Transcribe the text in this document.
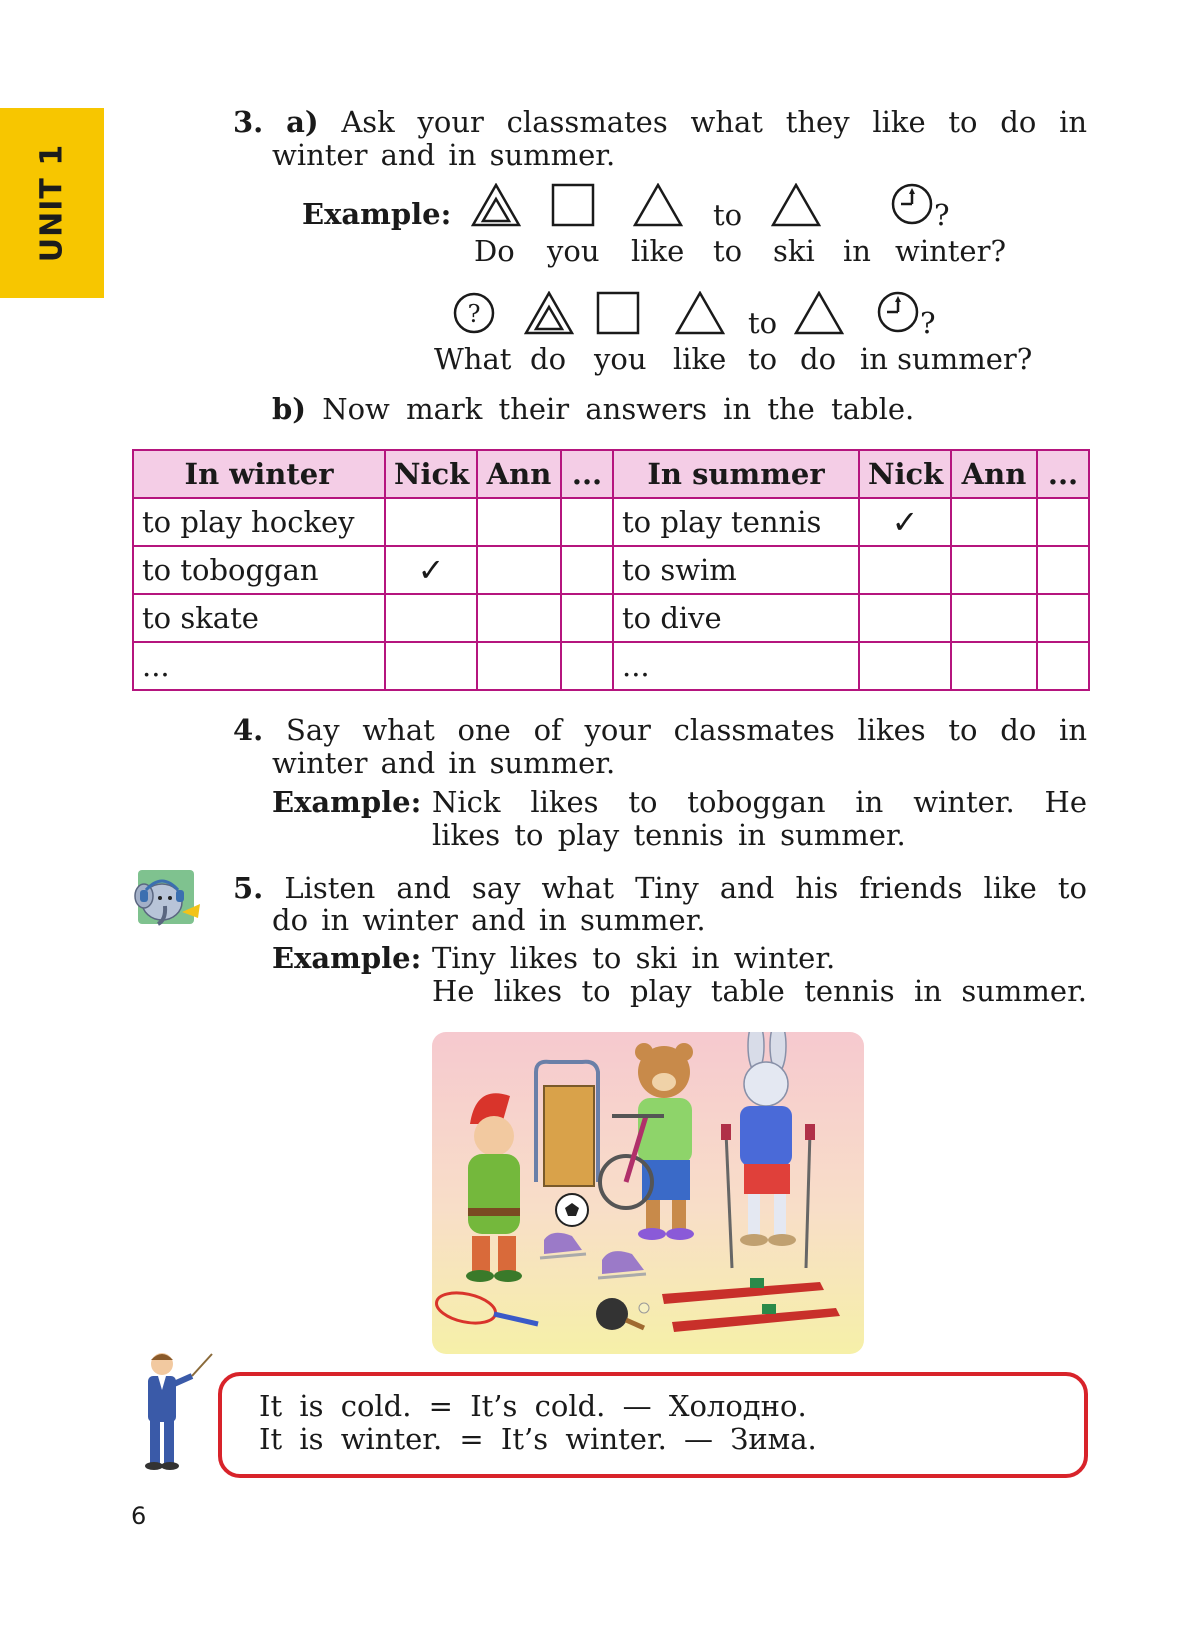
UNIT 1
3. a) Ask your classmates what they like to do in
winter and in summer.
Example:	to	?
Do you like to ski in winter?
?	to	?
What do you like to do in summer?
b) Now mark their answers in the table.
In winter	Nick	Ann	...	In summer	Nick	Ann	...
to play hockey				to play tennis	✓		
to toboggan	✓			to swim			
to skate				to dive			
...				...			
4. Say what one of your classmates likes to do in
winter and in summer.
Example: Nick likes to toboggan in winter. He
likes to play tennis in summer.
5. Listen and say what Tiny and his friends like to
do in winter and in summer.
Example: Tiny likes to ski in winter.
He likes to play table tennis in summer.
It is cold. = It’s cold. — Холодно.
It is winter. = It’s winter. — Зима.
6
